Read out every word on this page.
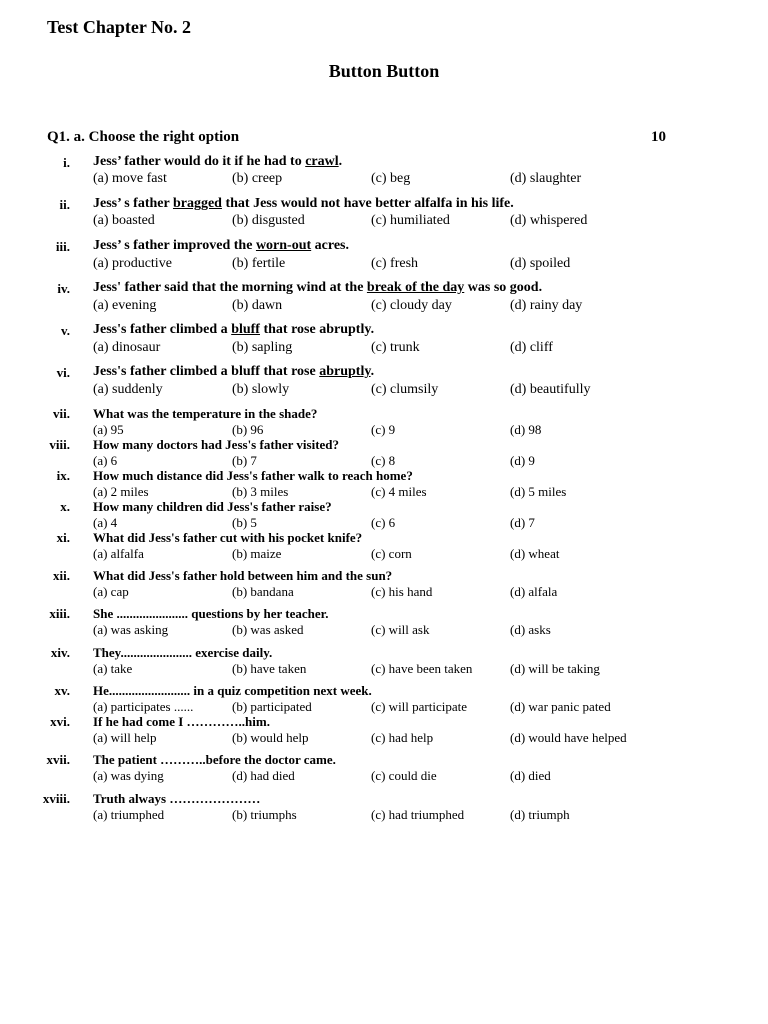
Test Chapter No. 2
Button Button
Q1. a. Choose the right option	10
i. Jess’ father would do it if he had to crawl.
(a) move fast	(b) creep	(c) beg	(d) slaughter
ii. Jess’ s father bragged that Jess would not have better alfalfa in his life.
(a) boasted	(b) disgusted	(c) humiliated	(d) whispered
iii. Jess’ s father improved the worn-out acres.
(a) productive	(b) fertile	(c) fresh	(d) spoiled
iv. Jess' father said that the morning wind at the break of the day was so good.
(a) evening	(b) dawn	(c) cloudy day	(d) rainy day
v. Jess's father climbed a bluff that rose abruptly.
(a) dinosaur	(b) sapling	(c) trunk	(d) cliff
vi. Jess's father climbed a bluff that rose abruptly.
(a) suddenly	(b) slowly	(c) clumsily	(d) beautifully
vii. What was the temperature in the shade?
(a) 95	(b) 96	(c) 9	(d) 98
viii. How many doctors had Jess's father visited?
(a) 6	(b) 7	(c) 8	(d) 9
ix. How much distance did Jess's father walk to reach home?
(a) 2 miles	(b) 3 miles	(c) 4 miles	(d) 5 miles
x. How many children did Jess's father raise?
(a) 4	(b) 5	(c) 6	(d) 7
xi. What did Jess's father cut with his pocket knife?
(a) alfalfa	(b) maize	(c) corn	(d) wheat
xii. What did Jess's father hold between him and the sun?
(a) cap	(b) bandana	(c) his hand	(d) alfala
xiii. She ...................... questions by her teacher.
(a) was asking	(b) was asked	(c) will ask	(d) asks
xiv. They...................... exercise daily.
(a) take	(b) have taken	(c) have been taken	(d) will be taking
xv. He......................... in a quiz competition next week.
(a) participates ......	(b) participated	(c) will participate	(d) war panic pated
xvi. If he had come I …………..him.
(a) will help	(b) would help	(c) had help	(d) would have helped
xvii. The patient ………..before the doctor came.
(a) was dying	(d) had died	(c) could die	(d) died
xviii. Truth always …………………
(a) triumphed	(b) triumphs	(c) had triumphed	(d) triumph
